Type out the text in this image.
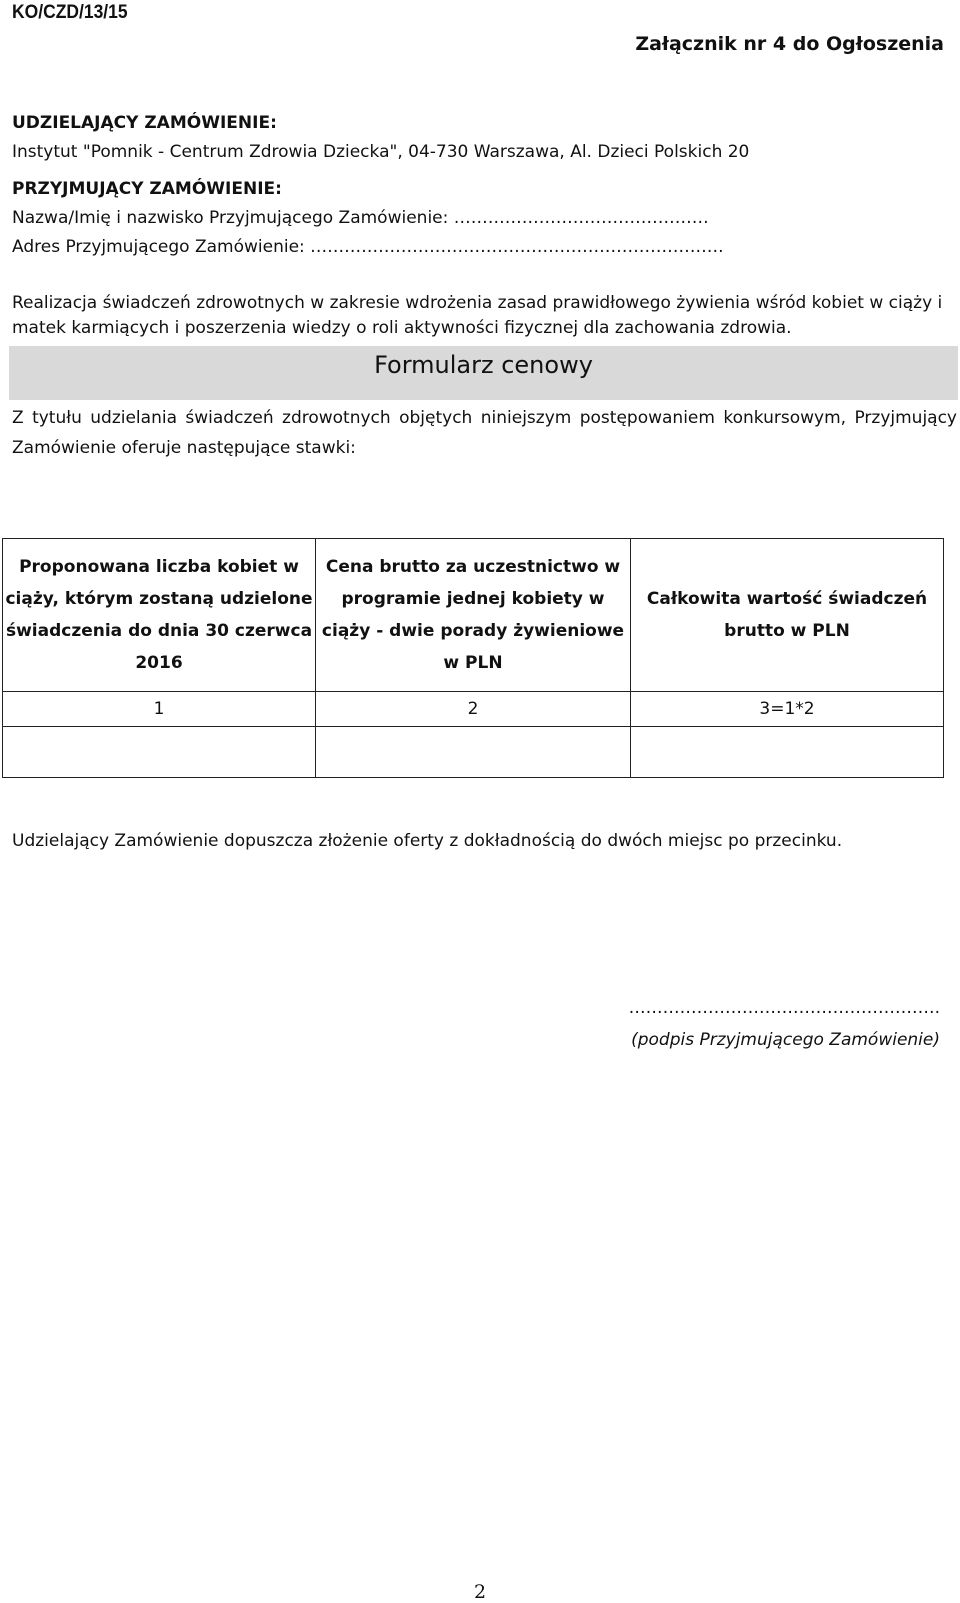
KO/CZD/13/15
Załącznik nr 4 do Ogłoszenia
UDZIELAJĄCY ZAMÓWIENIE:
Instytut "Pomnik - Centrum Zdrowia Dziecka", 04-730 Warszawa, Al. Dzieci Polskich 20
PRZYJMUJĄCY ZAMÓWIENIE:
Nazwa/Imię i nazwisko Przyjmującego Zamówienie: ………………………………………
Adres Przyjmującego Zamówienie: ……………………………………………………………….
Realizacja świadczeń zdrowotnych w zakresie wdrożenia zasad prawidłowego żywienia wśród kobiet w ciąży i matek karmiących i poszerzenia wiedzy o roli aktywności fizycznej dla zachowania zdrowia.
Formularz cenowy
Z tytułu udzielania świadczeń zdrowotnych objętych niniejszym postępowaniem konkursowym, Przyjmujący Zamówienie oferuje następujące stawki:
Proponowana liczba kobiet w ciąży, którym zostaną udzielone świadczenia do dnia 30 czerwca 2016	Cena brutto za uczestnictwo w programie jednej kobiety w ciąży - dwie porady żywieniowe w PLN	Całkowita wartość świadczeń brutto w PLN
1	2	3=1*2

Udzielający Zamówienie dopuszcza złożenie oferty z dokładnością do dwóch miejsc po przecinku.
……………………………………………….
(podpis Przyjmującego Zamówienie)
2
